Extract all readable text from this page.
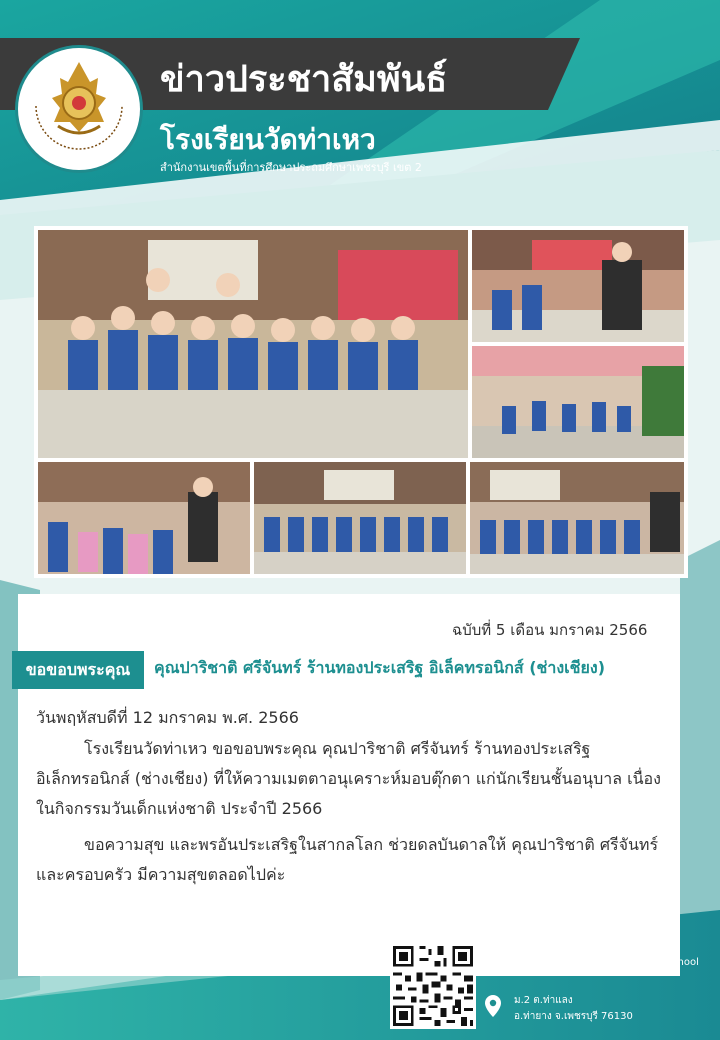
ข่าวประชาสัมพันธ์
โรงเรียนวัดท่าเหว

สำนักงานเขตพื้นที่การศึกษาประถมศึกษาเพชรบุรี เขต 2

ฉบับที่ 5 เดือน มกราคม 2566
ขอขอบพระคุณ	คุณปาริชาติ ศรีจันทร์ ร้านทองประเสริฐ อิเล็คทรอนิกส์ (ช่างเชียง)
วันพฤหัสบดีที่ 12 มกราคม พ.ศ. 2566

โรงเรียนวัดท่าเหว ขอขอบพระคุณ คุณปาริชาติ ศรีจันทร์ ร้านทองประเสริฐ อิเล็กทรอนิกส์ (ช่างเชียง) ที่ให้ความเมตตาอนุเคราะห์มอบตุ๊กตา แก่นักเรียนชั้นอนุบาล เนื่องในกิจกรรมวันเด็กแห่งชาติ ประจำปี 2566

ขอความสุข และพรอันประเสริฐในสากลโลก ช่วยดลบันดาลให้ คุณปาริชาติ ศรีจันทร์ และครอบครัว มีความสุขตลอดไปค่ะ

f โรงเรียนวัดท่าเหว WAT Tha Hew School
ม.2 ต.ท่าแลง
อ.ท่ายาง จ.เพชรบุรี 76130
